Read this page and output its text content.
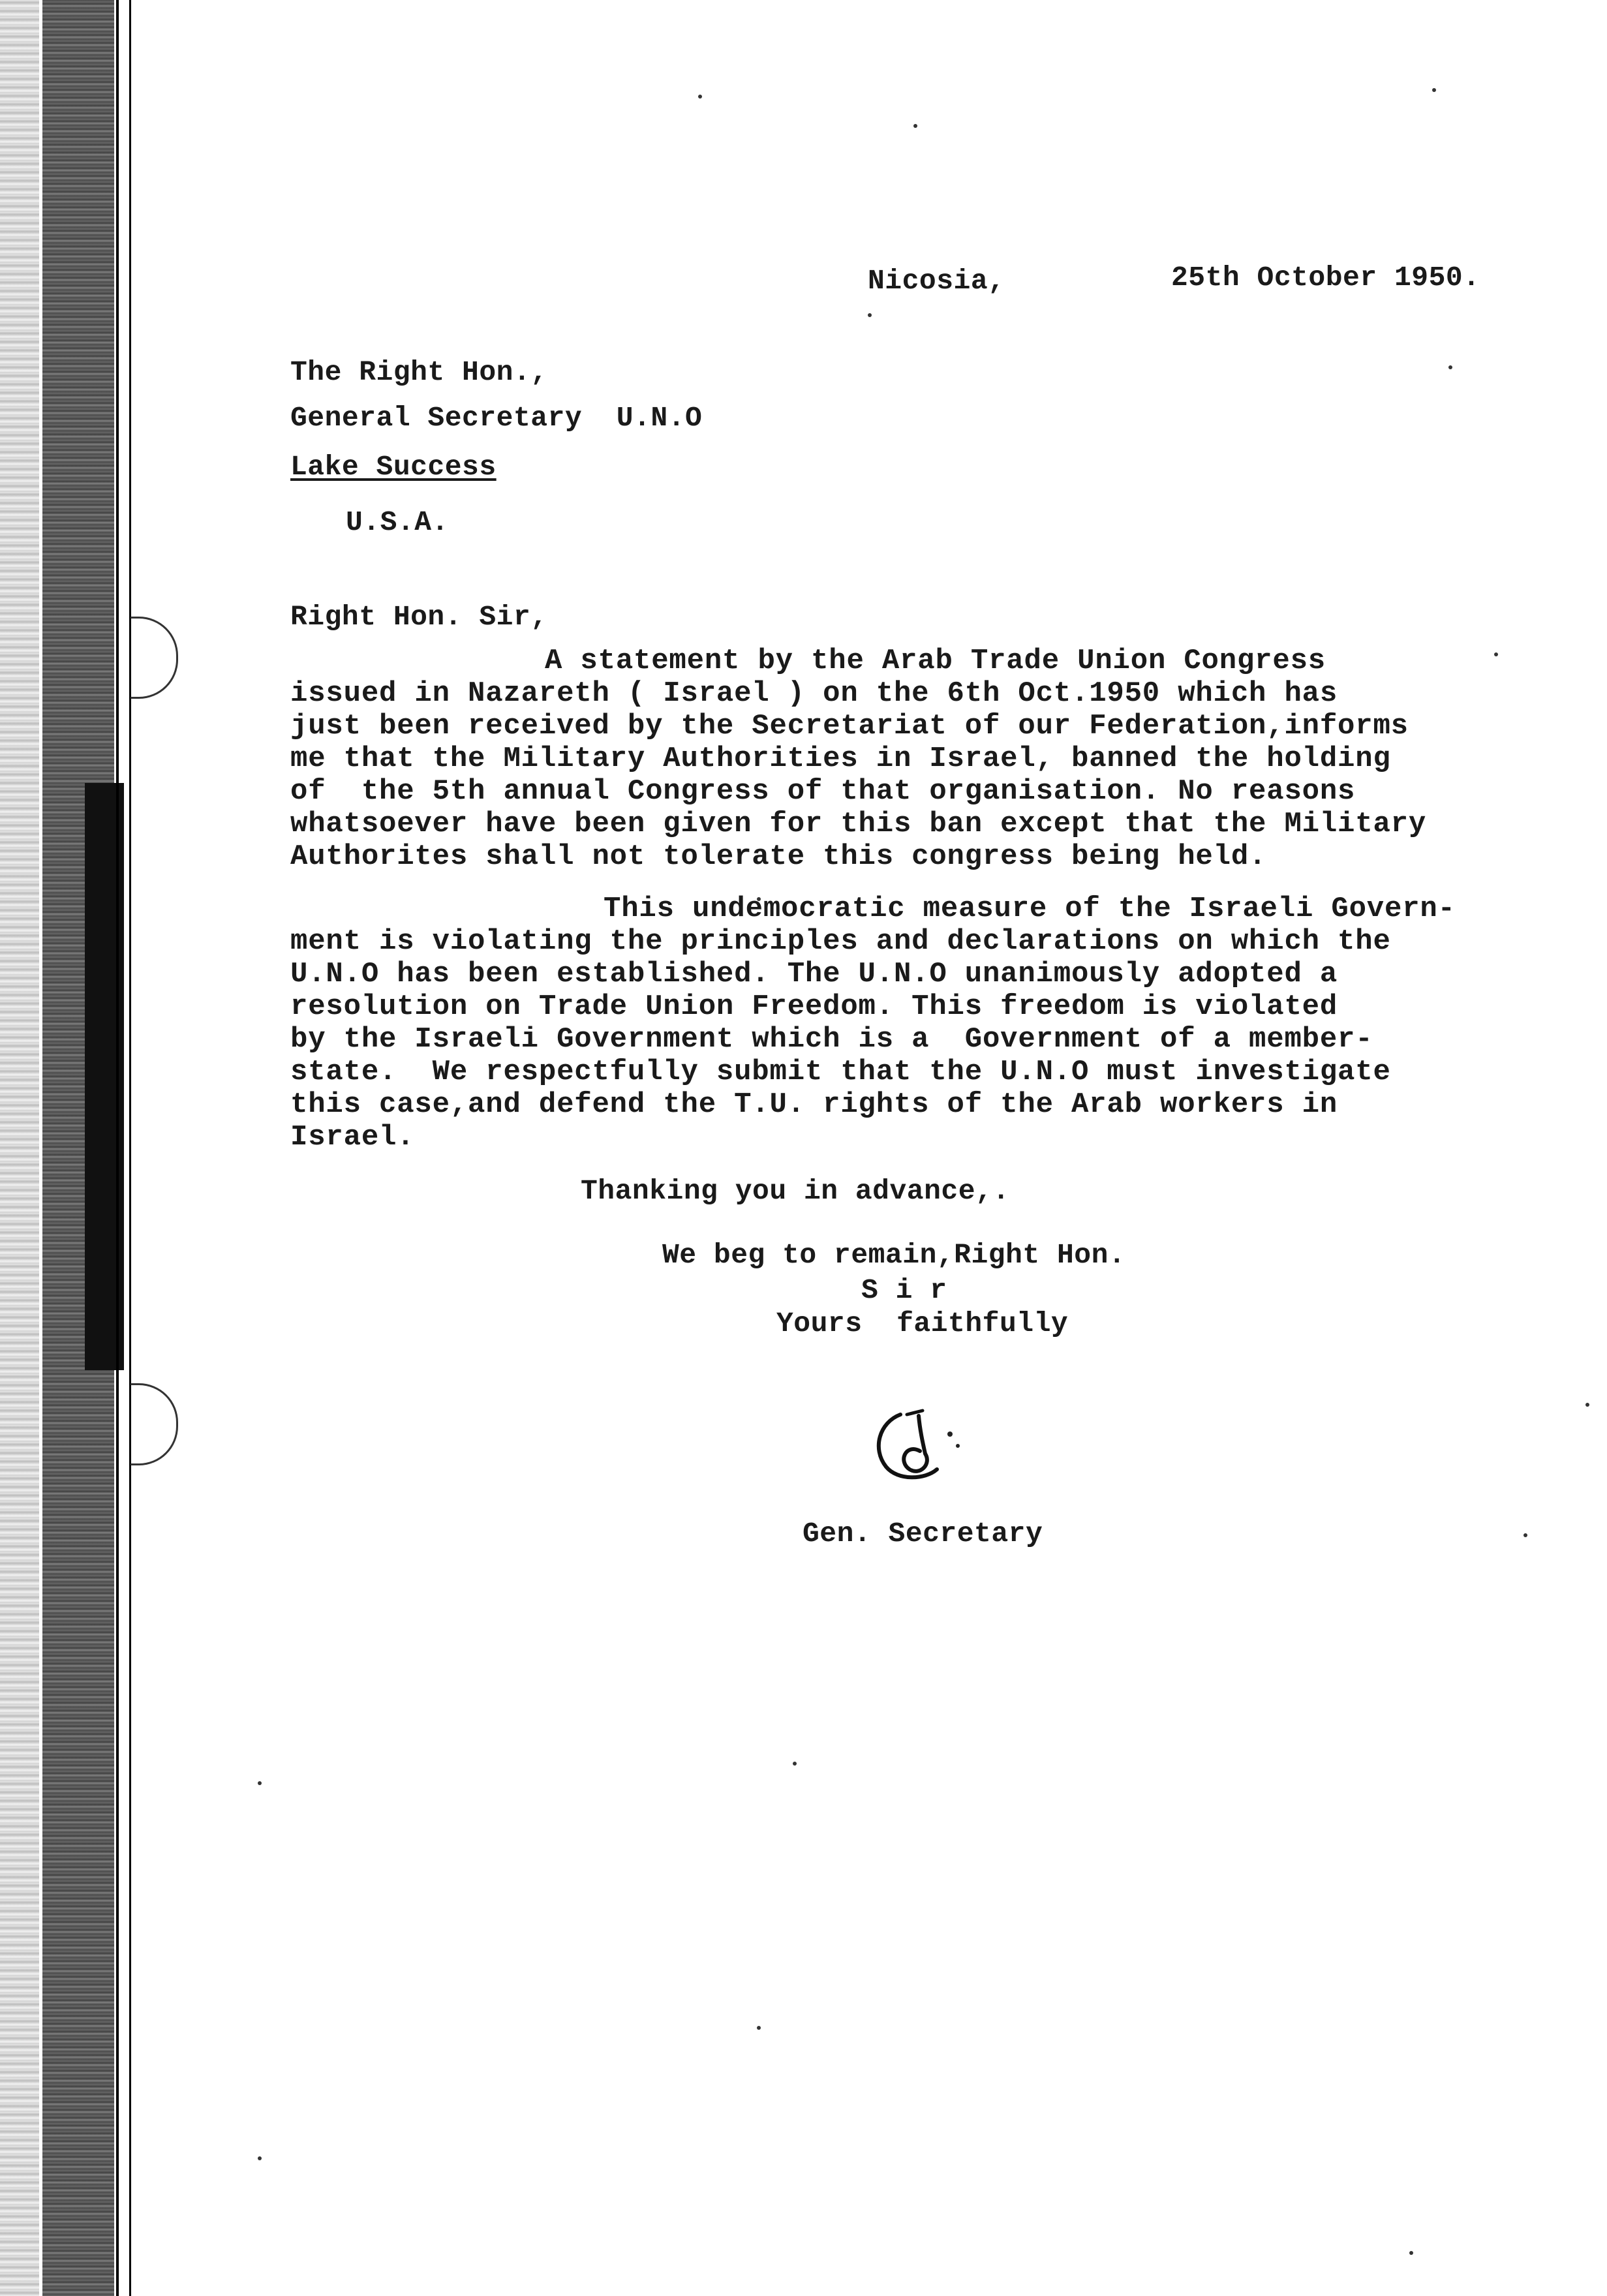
Nicosia,	25th October 1950.
The Right Hon.,
General Secretary  U.N.O
Lake Success
U.S.A.
Right Hon. Sir,
A statement by the Arab Trade Union Congress
issued in Nazareth ( Israel ) on the 6th Oct.1950 which has
just been received by the Secretariat of our Federation,informs
me that the Military Authorities in Israel, banned the holding
of  the 5th annual Congress of that organisation. No reasons
whatsoever have been given for this ban except that the Military
Authorites shall not tolerate this congress being held.
This undemocratic measure of the Israeli Govern-
ment is violating the principles and declarations on which the
U.N.O has been established. The U.N.O unanimously adopted a
resolution on Trade Union Freedom. This freedom is violated
by the Israeli Government which is a  Government of a member-
state.  We respectfully submit that the U.N.O must investigate
this case,and defend the T.U. rights of the Arab workers in
Israel.
Thanking you in advance,.
We beg to remain,Right Hon.
S i r
Yours  faithfully
Gen. Secretary
